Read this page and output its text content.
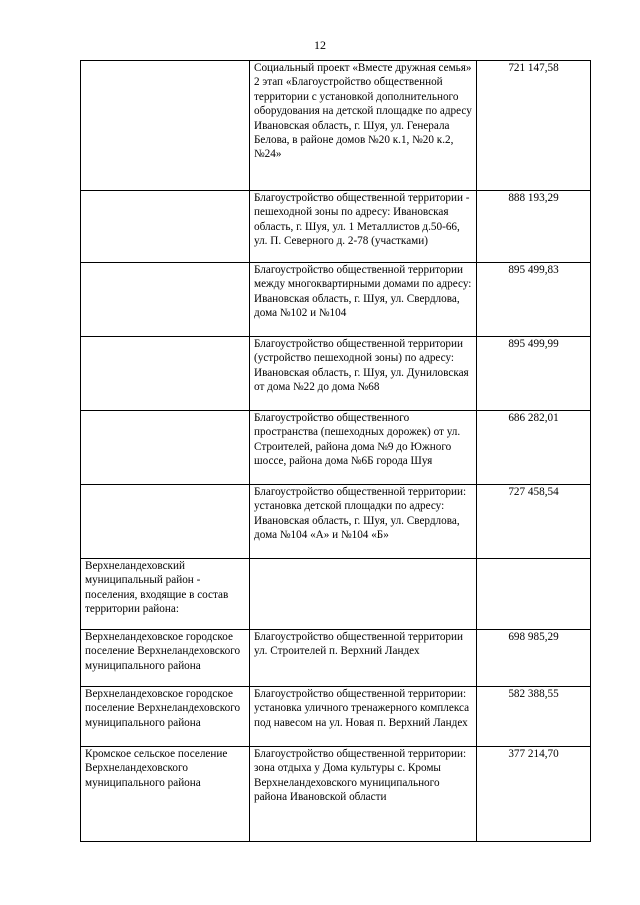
12
	Социальный проект «Вместе дружная семья» 2 этап «Благоустройство общественной территории с установкой дополнительного оборудования на детской площадке по адресу Ивановская область, г. Шуя, ул. Генерала Белова, в районе домов №20 к.1, №20 к.2, №24»	721 147,58
	Благоустройство общественной территории - пешеходной зоны по адресу: Ивановская область, г. Шуя, ул. 1 Металлистов д.50-66, ул. П. Северного д. 2-78 (участками)	888 193,29
	Благоустройство общественной территории между многоквартирными домами по адресу: Ивановская область, г. Шуя, ул. Свердлова, дома №102 и №104	895 499,83
	Благоустройство общественной территории (устройство пешеходной зоны) по адресу: Ивановская область, г. Шуя, ул. Дуниловская от дома №22 до дома №68	895 499,99
	Благоустройство общественного пространства (пешеходных дорожек) от ул. Строителей, района дома №9 до Южного шоссе, района дома №6Б города Шуя	686 282,01
	Благоустройство общественной территории: установка детской площадки по адресу: Ивановская область, г. Шуя, ул. Свердлова, дома №104 «А» и №104 «Б»	727 458,54
Верхнеландеховский муниципальный район - поселения, входящие в состав территории района:		
Верхнеландеховское городское поселение Верхнеландеховского муниципального района	Благоустройство общественной территории ул. Строителей п. Верхний Ландех	698 985,29
Верхнеландеховское городское поселение Верхнеландеховского муниципального района	Благоустройство общественной территории: установка уличного тренажерного комплекса под навесом на ул. Новая п. Верхний Ландех	582 388,55
Кромское сельское поселение Верхнеландеховского муниципального района	Благоустройство общественной территории: зона отдыха у Дома культуры с. Кромы Верхнеландеховского муниципального района Ивановской области	377 214,70
